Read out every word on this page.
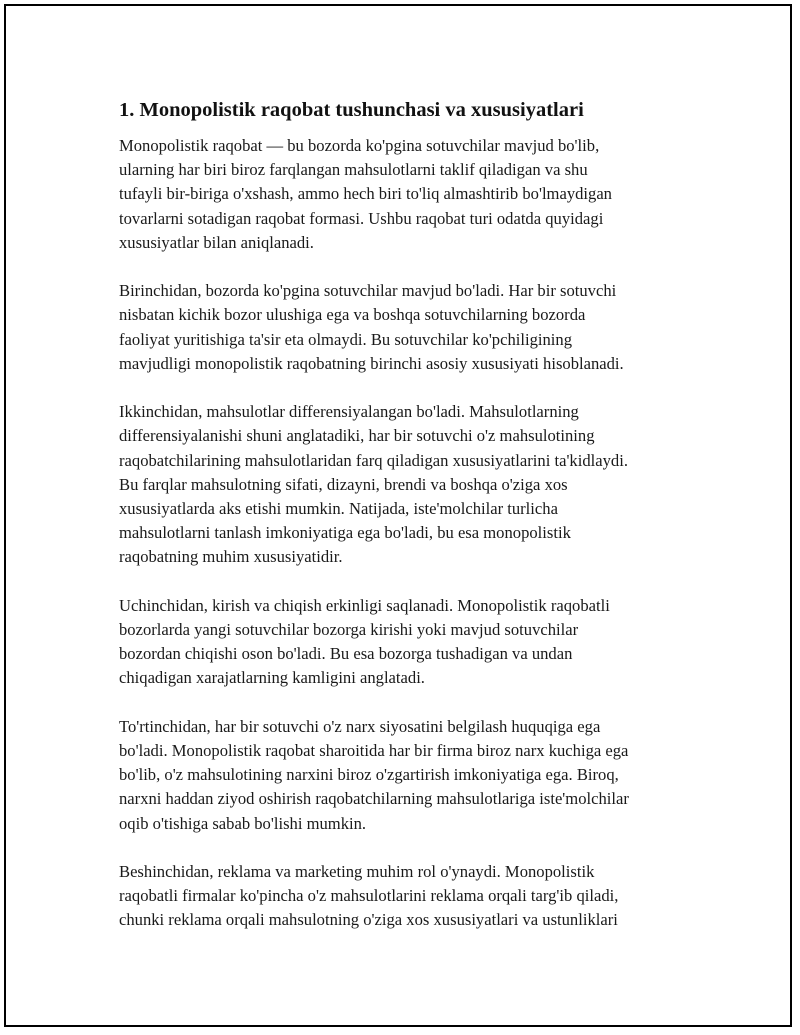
1. Monopolistik raqobat tushunchasi va xususiyatlari

Monopolistik raqobat — bu bozorda ko'pgina sotuvchilar mavjud bo'lib,
ularning har biri biroz farqlangan mahsulotlarni taklif qiladigan va shu
tufayli bir-biriga o'xshash, ammo hech biri to'liq almashtirib bo'lmaydigan
tovarlarni sotadigan raqobat formasi. Ushbu raqobat turi odatda quyidagi
xususiyatlar bilan aniqlanadi.

Birinchidan, bozorda ko'pgina sotuvchilar mavjud bo'ladi. Har bir sotuvchi
nisbatan kichik bozor ulushiga ega va boshqa sotuvchilarning bozorda
faoliyat yuritishiga ta'sir eta olmaydi. Bu sotuvchilar ko'pchiligining
mavjudligi monopolistik raqobatning birinchi asosiy xususiyati hisoblanadi.

Ikkinchidan, mahsulotlar differensiyalangan bo'ladi. Mahsulotlarning
differensiyalanishi shuni anglatadiki, har bir sotuvchi o'z mahsulotining
raqobatchilarining mahsulotlaridan farq qiladigan xususiyatlarini ta'kidlaydi.
Bu farqlar mahsulotning sifati, dizayni, brendi va boshqa o'ziga xos
xususiyatlarda aks etishi mumkin. Natijada, iste'molchilar turlicha
mahsulotlarni tanlash imkoniyatiga ega bo'ladi, bu esa monopolistik
raqobatning muhim xususiyatidir.

Uchinchidan, kirish va chiqish erkinligi saqlanadi. Monopolistik raqobatli
bozorlarda yangi sotuvchilar bozorga kirishi yoki mavjud sotuvchilar
bozordan chiqishi oson bo'ladi. Bu esa bozorga tushadigan va undan
chiqadigan xarajatlarning kamligini anglatadi.

To'rtinchidan, har bir sotuvchi o'z narx siyosatini belgilash huquqiga ega
bo'ladi. Monopolistik raqobat sharoitida har bir firma biroz narx kuchiga ega
bo'lib, o'z mahsulotining narxini biroz o'zgartirish imkoniyatiga ega. Biroq,
narxni haddan ziyod oshirish raqobatchilarning mahsulotlariga iste'molchilar
oqib o'tishiga sabab bo'lishi mumkin.

Beshinchidan, reklama va marketing muhim rol o'ynaydi. Monopolistik
raqobatli firmalar ko'pincha o'z mahsulotlarini reklama orqali targ'ib qiladi,
chunki reklama orqali mahsulotning o'ziga xos xususiyatlari va ustunliklari
